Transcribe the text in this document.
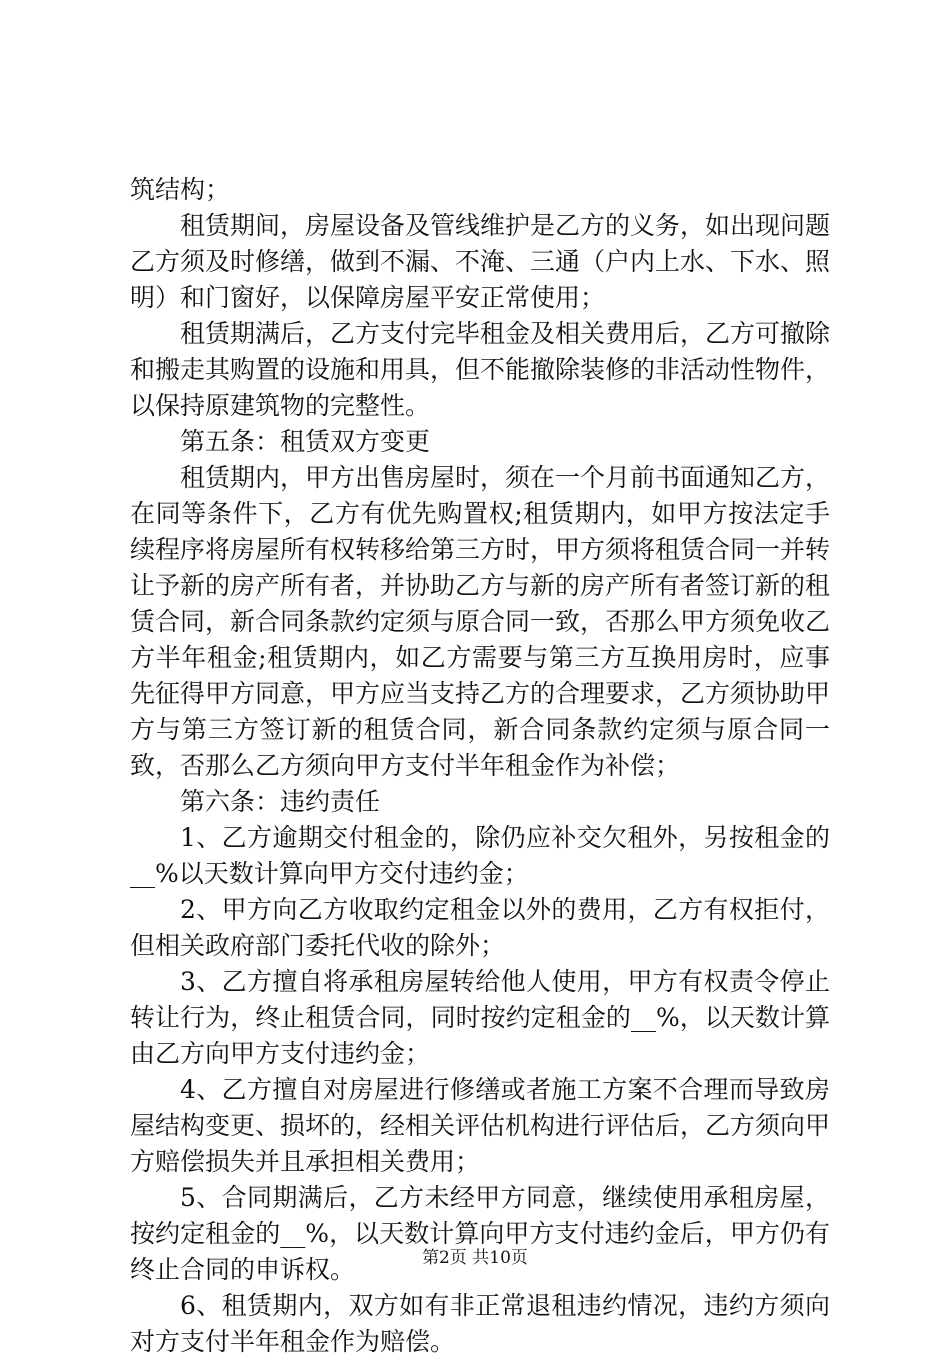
筑结构；

租赁期间，房屋设备及管线维护是乙方的义务，如出现问题乙方须及时修缮，做到不漏、不淹、三通（户内上水、下水、照明）和门窗好，以保障房屋平安正常使用；

租赁期满后，乙方支付完毕租金及相关费用后，乙方可撤除和搬走其购置的设施和用具，但不能撤除装修的非活动性物件，以保持原建筑物的完整性。

第五条：租赁双方变更

租赁期内，甲方出售房屋时，须在一个月前书面通知乙方，在同等条件下，乙方有优先购置权;租赁期内，如甲方按法定手续程序将房屋所有权转移给第三方时，甲方须将租赁合同一并转让予新的房产所有者，并协助乙方与新的房产所有者签订新的租赁合同，新合同条款约定须与原合同一致，否那么甲方须免收乙方半年租金;租赁期内，如乙方需要与第三方互换用房时，应事先征得甲方同意，甲方应当支持乙方的合理要求，乙方须协助甲方与第三方签订新的租赁合同，新合同条款约定须与原合同一致，否那么乙方须向甲方支付半年租金作为补偿；

第六条：违约责任

1、乙方逾期交付租金的，除仍应补交欠租外，另按租金的__%以天数计算向甲方交付违约金；

2、甲方向乙方收取约定租金以外的费用，乙方有权拒付，但相关政府部门委托代收的除外；

3、乙方擅自将承租房屋转给他人使用，甲方有权责令停止转让行为，终止租赁合同，同时按约定租金的__%，以天数计算由乙方向甲方支付违约金；

4、乙方擅自对房屋进行修缮或者施工方案不合理而导致房屋结构变更、损坏的，经相关评估机构进行评估后，乙方须向甲方赔偿损失并且承担相关费用；

5、合同期满后，乙方未经甲方同意，继续使用承租房屋，按约定租金的__%，以天数计算向甲方支付违约金后，甲方仍有终止合同的申诉权。

6、租赁期内，双方如有非正常退租违约情况，违约方须向对方支付半年租金作为赔偿。

第2页 共10页
